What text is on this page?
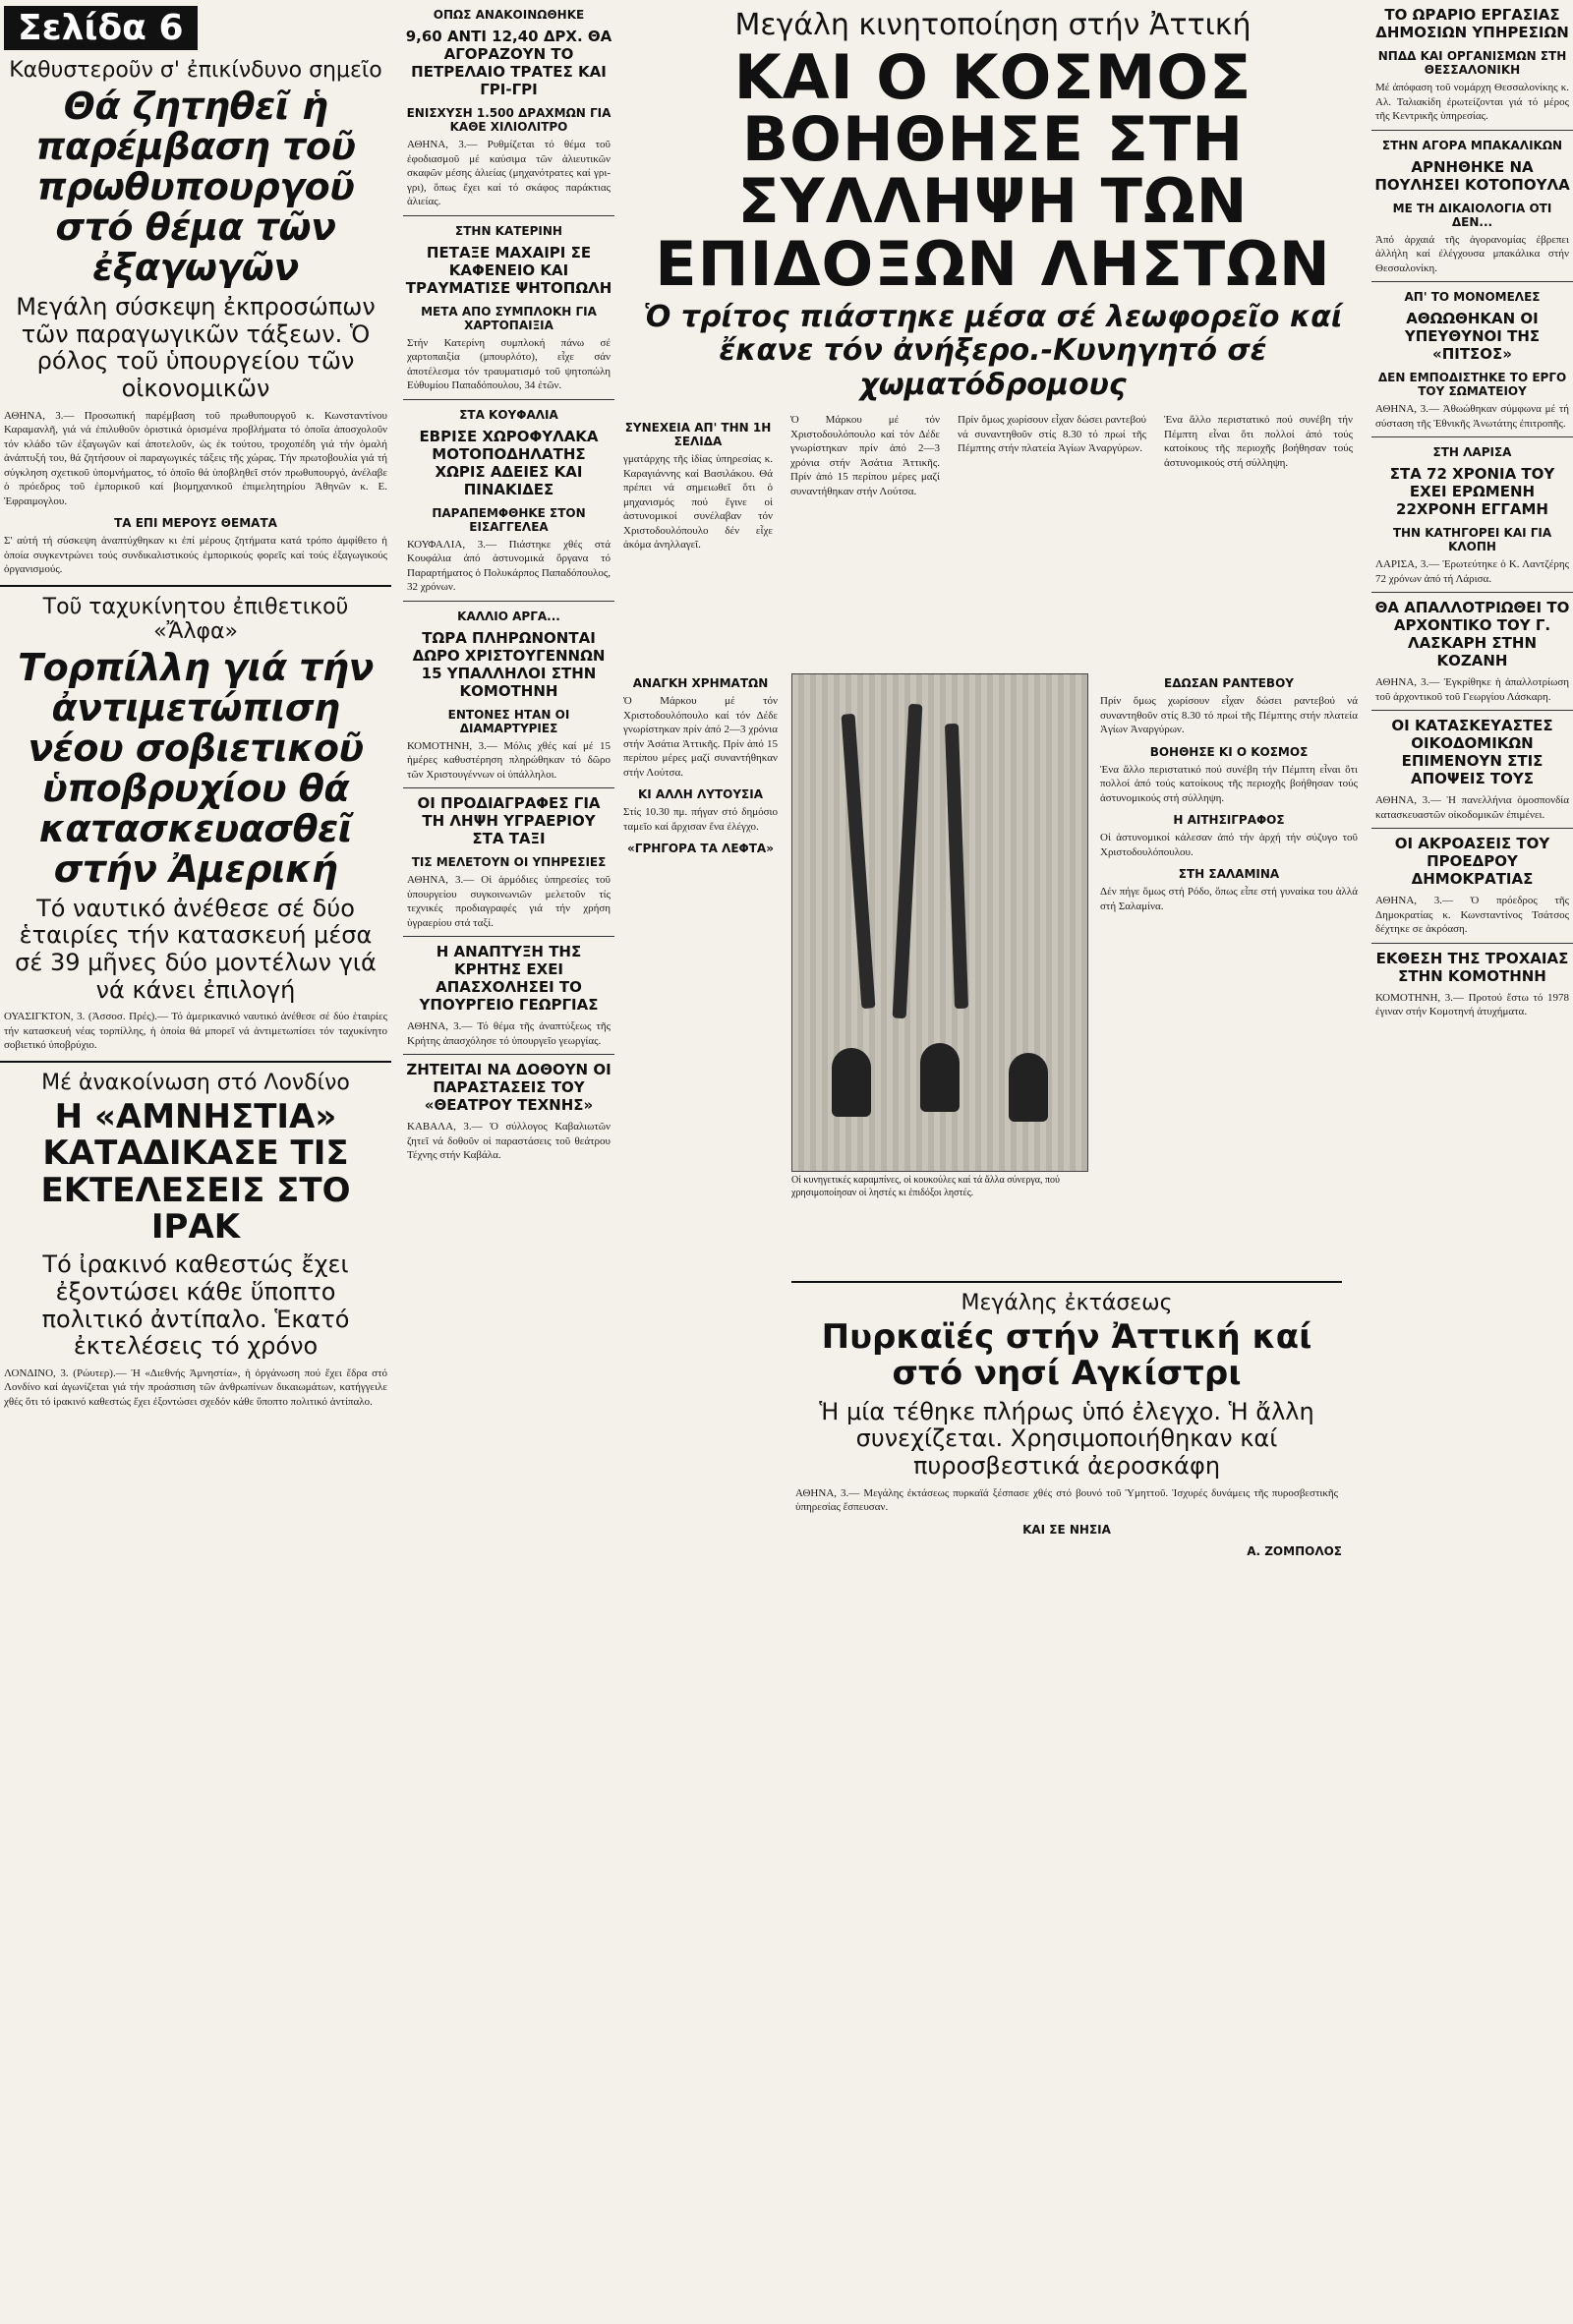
Σελίδα 6
Καθυστεροῦν σ' ἐπικίνδυνο σημεῖο
Θά ζητηθεῖ ἡ παρέμβαση τοῦ πρωθυπουργοῦ στό θέμα τῶν ἐξαγωγῶν
Μεγάλη σύσκεψη ἐκπροσώπων τῶν παραγωγικῶν τάξεων. Ὁ ρόλος τοῦ ὑπουργείου τῶν οἰκονομικῶν

ΑΘΗΝΑ, 3.— Προσωπική παρέμβαση τοῦ πρωθυπουργοῦ κ. Κωνσταντίνου Καραμανλῆ, γιά νά ἐπιλυθοῦν ὁριστικά ὁρισμένα προβλήματα τό ὁποῖα ἀποσχολοῦν τόν κλάδο τῶν ἐξαγωγῶν καί ἀποτελοῦν, ὡς ἐκ τούτου, τροχοπέδη γιά τήν ὁμαλή ἀνάπτυξή του, θά ζητήσουν οἱ παραγωγικές τάξεις τῆς χώρας. Τήν πρωτοβουλία γιά τή σύγκληση σχετικοῦ ὑπομνήματος, τό ὁποῖο θά ὑποβληθεῖ στόν πρωθυπουργό, ἀνέλαβε ὁ πρόεδρος τοῦ ἐμπορικοῦ καί βιομηχανικοῦ ἐπιμελητηρίου Ἀθηνῶν κ. Ε. Ἐφραιμογλου.

ΤΑ ΕΠΙ ΜΕΡΟΥΣ ΘΕΜΑΤΑ

Σ' αὐτή τή σύσκεψη ἀναπτύχθηκαν κι ἐπί μέρους ζητήματα κατά τρόπο ἀμφίθετο ἡ ὁποία συγκεντρώνει τούς συνδικαλιστικούς ἐμπορικούς φορεῖς καί τούς ἐξαγωγικούς ὀργανισμούς.

Τοῦ ταχυκίνητου ἐπιθετικοῦ «Ἄλφα»
Τορπίλλη γιά τήν ἀντιμετώπιση νέου σοβιετικοῦ ὑποβρυχίου θά κατασκευασθεῖ στήν Ἀμερική
Τό ναυτικό ἀνέθεσε σέ δύο ἑταιρίες τήν κατασκευή μέσα σέ 39 μῆνες δύο μοντέλων γιά νά κάνει ἐπιλογή

ΟΥΑΣΙΓΚΤΟΝ, 3. (Ἀσσοσ. Πρές).— Τό ἀμερικανικό ναυτικό ἀνέθεσε σέ δύο ἑταιρίες τήν κατασκευή νέας τορπίλλης, ἡ ὁποία θά μπορεῖ νά ἀντιμετωπίσει τόν ταχυκίνητο σοβιετικό ὑποβρύχιο.

Μέ ἀνακοίνωση στό Λονδίνο
Η «ΑΜΝΗΣΤΙΑ» ΚΑΤΑΔΙΚΑΣΕ ΤΙΣ ΕΚΤΕΛΕΣΕΙΣ ΣΤΟ ΙΡΑΚ
Τό ἰρακινό καθεστώς ἔχει ἐξοντώσει κάθε ὕποπτο πολιτικό ἀντίπαλο. Ἑκατό ἐκτελέσεις τό χρόνο

ΛΟΝΔΙΝΟ, 3. (Ρώυτερ).— Ἡ «Διεθνής Ἀμνηστία», ἡ ὀργάνωση πού ἔχει ἕδρα στό Λονδίνο καί ἀγωνίζεται γιά τήν προάσπιση τῶν ἀνθρωπίνων δικαιωμάτων, κατήγγειλε χθές ὅτι τό ἰρακινό καθεστώς ἔχει ἐξοντώσει σχεδόν κάθε ὕποπτο πολιτικό ἀντίπαλο.

ΟΠΩΣ ΑΝΑΚΟΙΝΩΘΗΚΕ
9,60 ΑΝΤΙ 12,40 ΔΡΧ. ΘΑ ΑΓΟΡΑΖΟΥΝ ΤΟ ΠΕΤΡΕΛΑΙΟ ΤΡΑΤΕΣ ΚΑΙ ΓΡΙ-ΓΡΙ
ΕΝΙΣΧΥΣΗ 1.500 ΔΡΑΧΜΩΝ ΓΙΑ ΚΑΘΕ ΧΙΛΙΟΛΙΤΡΟ

ΑΘΗΝΑ, 3.— Ρυθμίζεται τό θέμα τοῦ ἐφοδιασμοῦ μέ καύσιμα τῶν ἁλιευτικῶν σκαφῶν μέσης ἁλιείας (μηχανότρατες καί γρι-γρι), ὅπως ἔχει καί τό σκάφος παράκτιας ἁλιείας.

ΣΤΗΝ ΚΑΤΕΡΙΝΗ
ΠΕΤΑΞΕ ΜΑΧΑΙΡΙ ΣΕ ΚΑΦΕΝΕΙΟ ΚΑΙ ΤΡΑΥΜΑΤΙΣΕ ΨΗΤΟΠΩΛΗ
ΜΕΤΑ ΑΠΟ ΣΥΜΠΛΟΚΗ ΓΙΑ ΧΑΡΤΟΠΑΙΞΙΑ

Στήν Κατερίνη συμπλοκή πάνω σέ χαρτοπαιξία (μπουρλότο), εἶχε σάν ἀποτέλεσμα τόν τραυματισμό τοῦ ψητοπώλη Εὐθυμίου Παπαδόπουλου, 34 ἐτῶν.

ΣΤΑ ΚΟΥΦΑΛΙΑ
ΕΒΡΙΣΕ ΧΩΡΟΦΥΛΑΚΑ ΜΟΤΟΠΟΔΗΛΑΤΗΣ ΧΩΡΙΣ ΑΔΕΙΕΣ ΚΑΙ ΠΙΝΑΚΙΔΕΣ
ΠΑΡΑΠΕΜΦΘΗΚΕ ΣΤΟΝ ΕΙΣΑΓΓΕΛΕΑ

ΚΟΥΦΑΛΙΑ, 3.— Πιάστηκε χθές στά Κουφάλια ἀπό ἀστυνομικά ὄργανα τό Παραρτήματος ὁ Πολυκάρπος Παπαδόπουλος, 32 χρόνων.

ΚΑΛΛΙΟ ΑΡΓΑ...
ΤΩΡΑ ΠΛΗΡΩΝΟΝΤΑΙ ΔΩΡΟ ΧΡΙΣΤΟΥΓΕΝΝΩΝ 15 ΥΠΑΛΛΗΛΟΙ ΣΤΗΝ ΚΟΜΟΤΗΝΗ
ΕΝΤΟΝΕΣ ΗΤΑΝ ΟΙ ΔΙΑΜΑΡΤΥΡΙΕΣ

ΚΟΜΟΤΗΝΗ, 3.— Μόλις χθές καί μέ 15 ἡμέρες καθυστέρηση πληρώθηκαν τό δῶρο τῶν Χριστουγέννων οἱ ὑπάλληλοι.

ΟΙ ΠΡΟΔΙΑΓΡΑΦΕΣ ΓΙΑ ΤΗ ΛΗΨΗ ΥΓΡΑΕΡΙΟΥ ΣΤΑ ΤΑΞΙ
ΤΙΣ ΜΕΛΕΤΟΥΝ ΟΙ ΥΠΗΡΕΣΙΕΣ

ΑΘΗΝΑ, 3.— Οἱ ἁρμόδιες ὑπηρεσίες τοῦ ὑπουργείου συγκοινωνιῶν μελετοῦν τίς τεχνικές προδιαγραφές γιά τήν χρήση ὑγραερίου στά ταξί.

Η ΑΝΑΠΤΥΞΗ ΤΗΣ ΚΡΗΤΗΣ ΕΧΕΙ ΑΠΑΣΧΟΛΗΣΕΙ ΤΟ ΥΠΟΥΡΓΕΙΟ ΓΕΩΡΓΙΑΣ

ΑΘΗΝΑ, 3.— Τό θέμα τῆς ἀναπτύξεως τῆς Κρήτης ἀπασχόλησε τό ὑπουργεῖο γεωργίας.

ΖΗΤΕΙΤΑΙ ΝΑ ΔΟΘΟΥΝ ΟΙ ΠΑΡΑΣΤΑΣΕΙΣ ΤΟΥ «ΘΕΑΤΡΟΥ ΤΕΧΝΗΣ»

ΚΑΒΑΛΑ, 3.— Ὁ σύλλογος Καβαλιωτῶν ζητεῖ νά δοθοῦν οἱ παραστάσεις τοῦ θεάτρου Τέχνης στήν Καβάλα.

Μεγάλη κινητοποίηση στήν Ἀττική
ΚΑΙ Ο ΚΟΣΜΟΣ ΒΟΗΘΗΣΕ ΣΤΗ ΣΥΛΛΗΨΗ ΤΩΝ ΕΠΙΔΟΞΩΝ ΛΗΣΤΩΝ
Ὁ τρίτος πιάστηκε μέσα σέ λεωφορεῖο καί ἔκανε τόν ἀνήξερο.-Κυνηγητό σέ χωματόδρομους
ΣΥΝΕΧΕΙΑ ΑΠ' ΤΗΝ 1Η ΣΕΛΙΔΑ

γματάρχης τῆς ἰδίας ὑπηρεσίας κ. Καραγιάννης καί Βασιλάκου. Θά πρέπει νά σημειωθεῖ ὅτι ὁ μηχανισμός πού ἔγινε οἱ ἀστυνομικοί συνέλαβαν τόν Χριστοδουλόπουλο δέν εἶχε ἀκόμα ἀνηλλαγεῖ.

Ὁ Μάρκου μέ τόν Χριστοδουλόπουλο καί τόν Δέδε γνωρίστηκαν πρίν ἀπό 2—3 χρόνια στήν Ἀσάτια Ἀττικῆς. Πρίν ἀπό 15 περίπου μέρες μαζί συναντήθηκαν στήν Λούτσα.

Πρίν ὅμως χωρίσουν εἶχαν δώσει ραντεβού νά συναντηθοῦν στίς 8.30 τό πρωί τῆς Πέμπτης στήν πλατεία Ἁγίων Ἀναργύρων.

Ἐνα ἄλλο περιστατικό πού συνέβη τήν Πέμπτη εἶναι ὅτι πολλοί ἀπό τούς κατοίκους τῆς περιοχῆς βοήθησαν τούς ἀστυνομικούς στή σύλληψη.

ΑΝΑΓΚΗ ΧΡΗΜΑΤΩΝ

Ὁ Μάρκου μέ τόν Χριστοδουλόπουλο καί τόν Δέδε γνωρίστηκαν πρίν ἀπό 2—3 χρόνια στήν Ἀσάτια Ἀττικῆς. Πρίν ἀπό 15 περίπου μέρες μαζί συναντήθηκαν στήν Λούτσα.

ΚΙ ΑΛΛΗ ΛΥΤΟΥΣΙΑ

Στίς 10.30 πμ. πήγαν στό δημόσιο ταμεῖο καί ἄρχισαν ἕνα ἐλέγχο.

«ΓΡΗΓΟΡΑ ΤΑ ΛΕΦΤΑ»
Οἱ κυνηγετικές καραμπίνες, οἱ κουκούλες καί τά ἄλλα σύνεργα, πού χρησιμοποίησαν οἱ ληστές κι ἐπιδόξοι ληστές.
ΕΔΩΣΑΝ ΡΑΝΤΕΒΟΥ

Πρίν ὅμως χωρίσουν εἶχαν δώσει ραντεβού νά συναντηθοῦν στίς 8.30 τό πρωί τῆς Πέμπτης στήν πλατεία Ἁγίων Ἀναργύρων.

ΒΟΗΘΗΣΕ ΚΙ Ο ΚΟΣΜΟΣ

Ἐνα ἄλλο περιστατικό πού συνέβη τήν Πέμπτη εἶναι ὅτι πολλοί ἀπό τούς κατοίκους τῆς περιοχῆς βοήθησαν τούς ἀστυνομικούς στή σύλληψη.

Η ΑΙΤΗΣΙΓΡΑΦΟΣ

Οἱ ἀστυνομικοί κάλεσαν ἀπό τήν ἀρχή τήν σύζυγο τοῦ Χριστοδουλόπουλου.

ΣΤΗ ΣΑΛΑΜΙΝΑ

Δέν πήγε ὅμως στή Ρόδο, ὅπως εἶπε στή γυναίκα του ἀλλά στή Σαλαμίνα.

Μεγάλης ἐκτάσεως
Πυρκαϊές στήν Ἀττική καί στό νησί Αγκίστρι
Ἡ μία τέθηκε πλήρως ὑπό ἐλεγχο. Ἡ ἄλλη συνεχίζεται. Χρησιμοποιήθηκαν καί πυροσβεστικά ἀεροσκάφη

ΑΘΗΝΑ, 3.— Μεγάλης ἐκτάσεως πυρκαϊά ξέσπασε χθές στό βουνό τοῦ Ὑμηττοῦ. Ἰσχυρές δυνάμεις τῆς πυροσβεστικῆς ὑπηρεσίας ἔσπευσαν.

ΚΑΙ ΣΕ ΝΗΣΙΑ
Α. ΖΟΜΠΟΛΟΣ
ΤΟ ΩΡΑΡΙΟ ΕΡΓΑΣΙΑΣ ΔΗΜΟΣΙΩΝ ΥΠΗΡΕΣΙΩΝ
ΝΠΔΔ ΚΑΙ ΟΡΓΑΝΙΣΜΩΝ ΣΤΗ ΘΕΣΣΑΛΟΝΙΚΗ

Μέ ἀπόφαση τοῦ νομάρχη Θεσσαλονίκης κ. Αλ. Ταλιακίδη ἐρωτείζονται γιά τό μέρος τῆς Κεντρικῆς ὑπηρεσίας.

ΣΤΗΝ ΑΓΟΡΑ ΜΠΑΚΑΛΙΚΩΝ
ΑΡΝΗΘΗΚΕ ΝΑ ΠΟΥΛΗΣΕΙ ΚΟΤΟΠΟΥΛΑ
ΜΕ ΤΗ ΔΙΚΑΙΟΛΟΓΙΑ ΟΤΙ ΔΕΝ...

Ἀπό ἀρχαιά τῆς ἀγορανομίας ἐβρεπει ἁλλήλη καί ἐλέγχουσα μπακάλικα στήν Θεσσαλονίκη.

ΑΠ' ΤΟ ΜΟΝΟΜΕΛΕΣ
ΑΘΩΩΘΗΚΑΝ ΟΙ ΥΠΕΥΘΥΝΟΙ ΤΗΣ «ΠΙΤΣΟΣ»
ΔΕΝ ΕΜΠΟΔΙΣΤΗΚΕ ΤΟ ΕΡΓΟ ΤΟΥ ΣΩΜΑΤΕΙΟΥ

ΑΘΗΝΑ, 3.— Ἀθωώθηκαν σύμφωνα μέ τή σύσταση τῆς Ἐθνικῆς Ἀνωτάτης ἐπιτροπῆς.

ΣΤΗ ΛΑΡΙΣΑ
ΣΤΑ 72 ΧΡΟΝΙΑ ΤΟΥ ΕΧΕΙ ΕΡΩΜΕΝΗ 22ΧΡΟΝΗ ΕΓΓΑΜΗ
ΤΗΝ ΚΑΤΗΓΟΡΕΙ ΚΑΙ ΓΙΑ ΚΛΟΠΗ

ΛΑΡΙΣΑ, 3.— Ἑρωτεύτηκε ὁ Κ. Λαντζέρης 72 χρόνων ἀπό τή Λάρισα.

ΘΑ ΑΠΑΛΛΟΤΡΙΩΘΕΙ ΤΟ ΑΡΧΟΝΤΙΚΟ ΤΟΥ Γ. ΛΑΣΚΑΡΗ ΣΤΗΝ ΚΟΖΑΝΗ

ΑΘΗΝΑ, 3.— Ἐγκρίθηκε ἡ ἀπαλλοτρίωση τοῦ ἀρχοντικοῦ τοῦ Γεωργίου Λάσκαρη.

ΟΙ ΚΑΤΑΣΚΕΥΑΣΤΕΣ ΟΙΚΟΔΟΜΙΚΩΝ ΕΠΙΜΕΝΟΥΝ ΣΤΙΣ ΑΠΟΨΕΙΣ ΤΟΥΣ

ΑΘΗΝΑ, 3.— Ἡ πανελλήνια ὁμοσπονδία κατασκευαστῶν οἰκοδομικῶν ἐπιμένει.

ΟΙ ΑΚΡΟΑΣΕΙΣ ΤΟΥ ΠΡΟΕΔΡΟΥ ΔΗΜΟΚΡΑΤΙΑΣ

ΑΘΗΝΑ, 3.— Ὁ πρόεδρος τῆς Δημοκρατίας κ. Κωνσταντίνος Τσάτσος δέχτηκε σε ἀκρόαση.

ΕΚΘΕΣΗ ΤΗΣ ΤΡΟΧΑΙΑΣ ΣΤΗΝ ΚΟΜΟΤΗΝΗ

ΚΟΜΟΤΗΝΗ, 3.— Προτού ἔστω τό 1978 ἐγιναν στήν Κομοτηνή ἀτυχήματα.
